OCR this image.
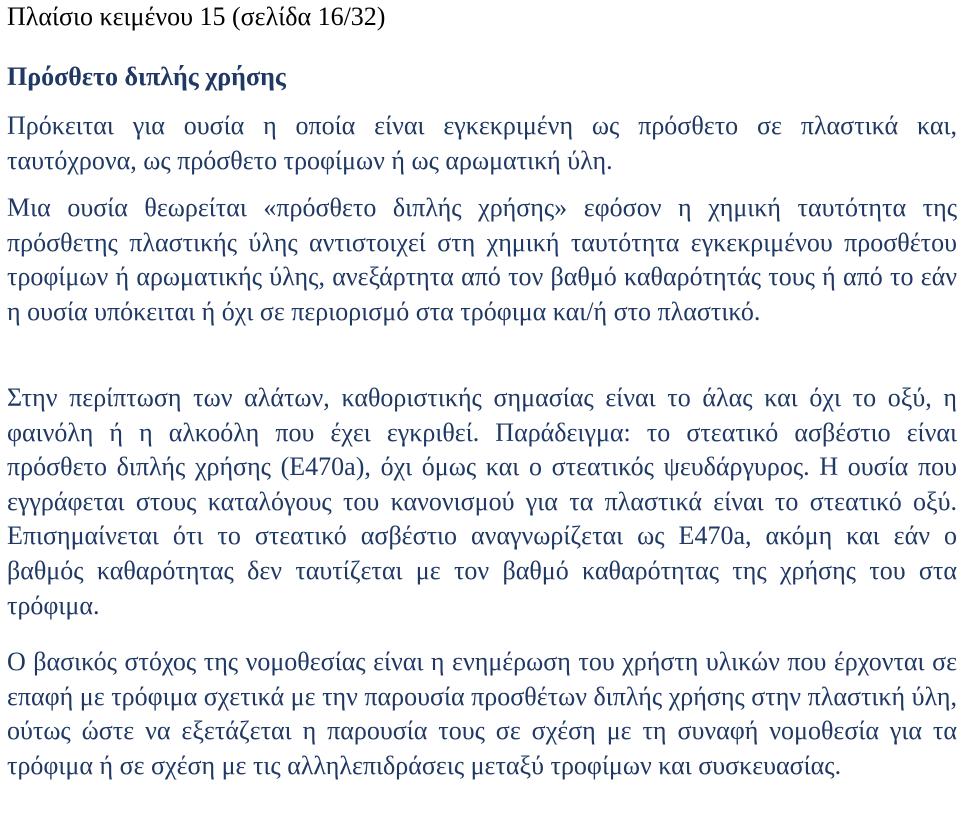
Πλαίσιο κειμένου 15 (σελίδα 16/32)
Πρόσθετο διπλής χρήσης

Πρόκειται για ουσία η οποία είναι εγκεκριμένη ως πρόσθετο σε πλαστικά και, ταυτόχρονα, ως πρόσθετο τροφίμων ή ως αρωματική ύλη.

Μια ουσία θεωρείται «πρόσθετο διπλής χρήσης» εφόσον η χημική ταυτότητα της πρόσθετης πλαστικής ύλης αντιστοιχεί στη χημική ταυτότητα εγκεκριμένου προσθέτου τροφίμων ή αρωματικής ύλης, ανεξάρτητα από τον βαθμό καθαρότητάς τους ή από το εάν η ουσία υπόκειται ή όχι σε περιορισμό στα τρόφιμα και/ή στο πλαστικό.

Στην περίπτωση των αλάτων, καθοριστικής σημασίας είναι το άλας και όχι το οξύ, η φαινόλη ή η αλκοόλη που έχει εγκριθεί. Παράδειγμα: το στεατικό ασβέστιο είναι πρόσθετο διπλής χρήσης (Ε470a), όχι όμως και ο στεατικός ψευδάργυρος. Η ουσία που εγγράφεται στους καταλόγους του κανονισμού για τα πλαστικά είναι το στεατικό οξύ. Επισημαίνεται ότι το στεατικό ασβέστιο αναγνωρίζεται ως Ε470a, ακόμη και εάν ο βαθμός καθαρότητας δεν ταυτίζεται με τον βαθμό καθαρότητας της χρήσης του στα τρόφιμα.

Ο βασικός στόχος της νομοθεσίας είναι η ενημέρωση του χρήστη υλικών που έρχονται σε επαφή με τρόφιμα σχετικά με την παρουσία προσθέτων διπλής χρήσης στην πλαστική ύλη, ούτως ώστε να εξετάζεται η παρουσία τους σε σχέση με τη συναφή νομοθεσία για τα τρόφιμα ή σε σχέση με τις αλληλεπιδράσεις μεταξύ τροφίμων και συσκευασίας.
